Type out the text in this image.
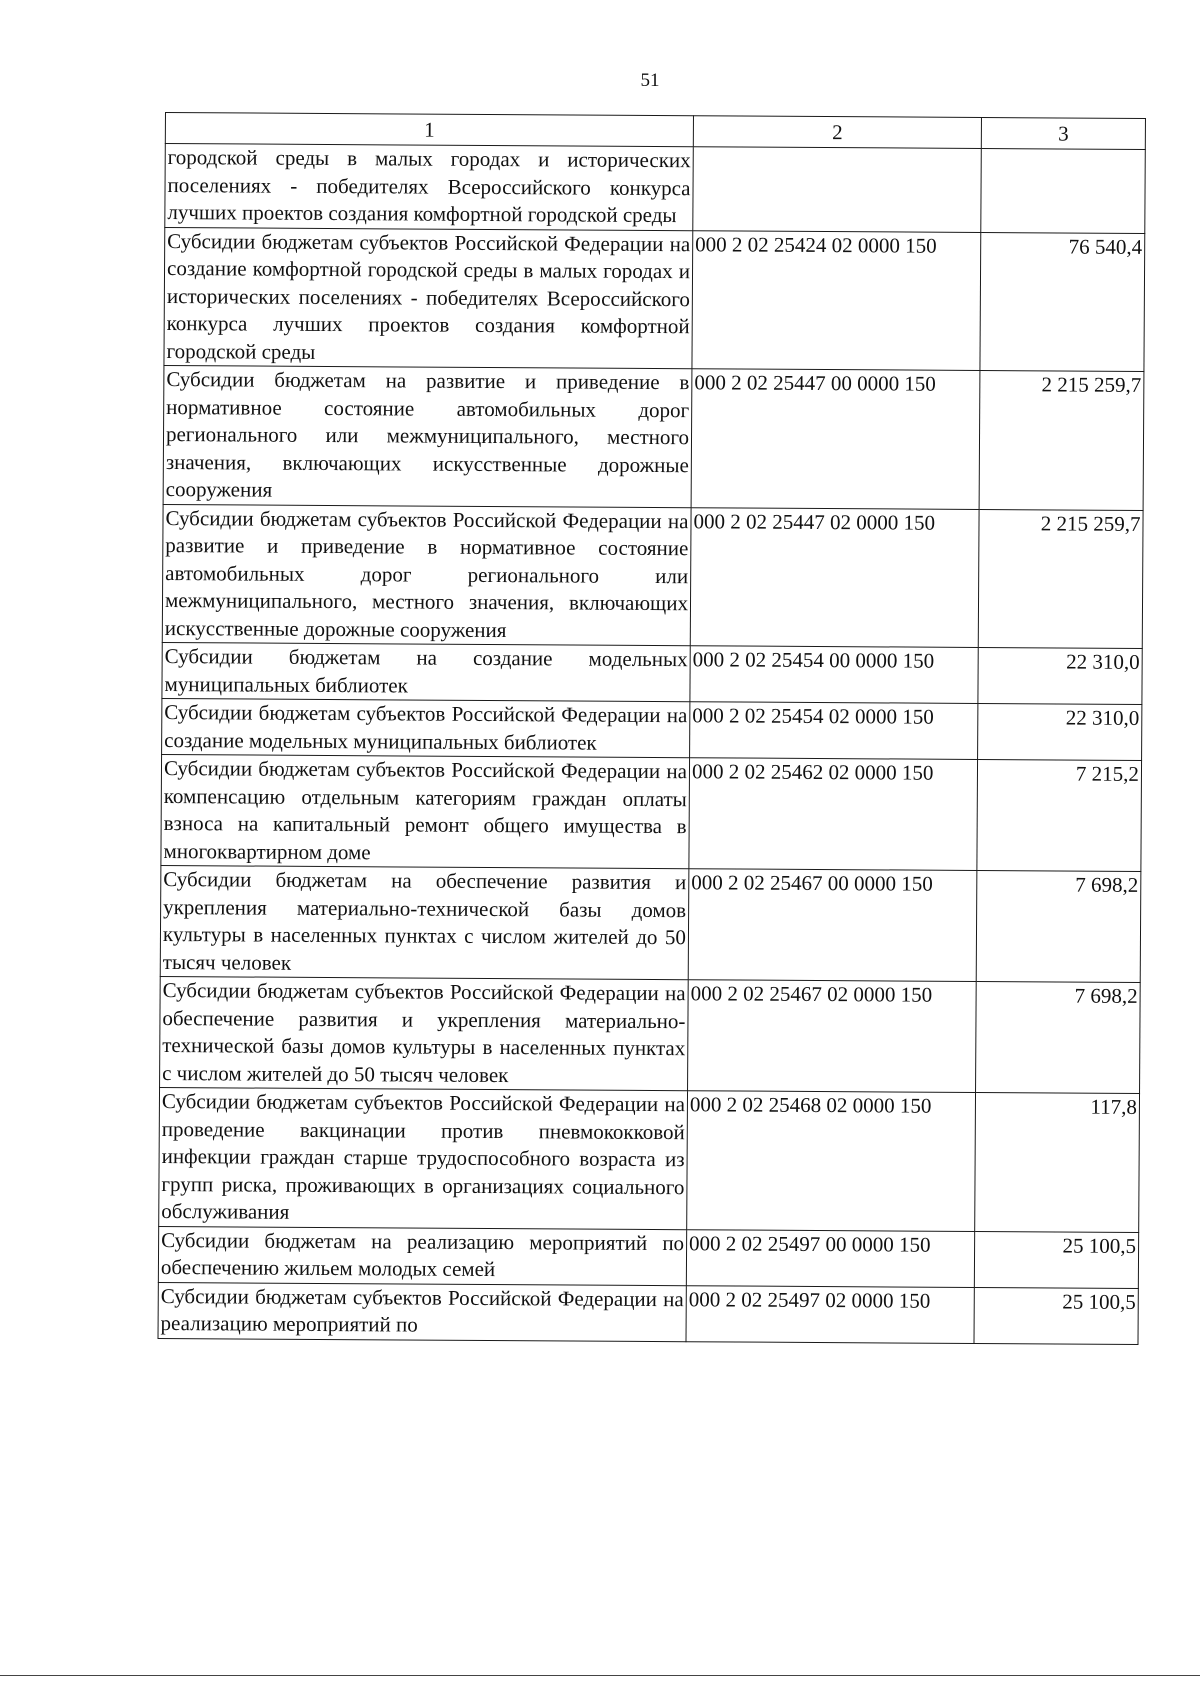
51
1	2	3
городской среды в малых городах и исторических поселениях - победителях Всероссийского конкурса лучших проектов создания комфортной городской среды		
Субсидии бюджетам субъектов Российской Федерации на создание комфортной городской среды в малых городах и исторических поселениях - победителях Всероссийского конкурса лучших проектов создания комфортной городской среды	000 2 02 25424 02 0000 150	76 540,4
Субсидии бюджетам на развитие и приведение в нормативное состояние автомобильных дорог регионального или межмуниципального, местного значения, включающих искусственные дорожные сооружения	000 2 02 25447 00 0000 150	2 215 259,7
Субсидии бюджетам субъектов Российской Федерации на развитие и приведение в нормативное состояние автомобильных дорог регионального или межмуниципального, местного значения, включающих искусственные дорожные сооружения	000 2 02 25447 02 0000 150	2 215 259,7
Субсидии бюджетам на создание модельных муниципальных библиотек	000 2 02 25454 00 0000 150	22 310,0
Субсидии бюджетам субъектов Российской Федерации на создание модельных муниципальных библиотек	000 2 02 25454 02 0000 150	22 310,0
Субсидии бюджетам субъектов Российской Федерации на компенсацию отдельным категориям граждан оплаты взноса на капитальный ремонт общего имущества в многоквартирном доме	000 2 02 25462 02 0000 150	7 215,2
Субсидии бюджетам на обеспечение развития и укрепления материально-технической базы домов культуры в населенных пунктах с числом жителей до 50 тысяч человек	000 2 02 25467 00 0000 150	7 698,2
Субсидии бюджетам субъектов Российской Федерации на обеспечение развития и укрепления материально-технической базы домов культуры в населенных пунктах с числом жителей до 50 тысяч человек	000 2 02 25467 02 0000 150	7 698,2
Субсидии бюджетам субъектов Российской Федерации на проведение вакцинации против пневмококковой инфекции граждан старше трудоспособного возраста из групп риска, проживающих в организациях социального обслуживания	000 2 02 25468 02 0000 150	117,8
Субсидии бюджетам на реализацию мероприятий по обеспечению жильем молодых семей	000 2 02 25497 00 0000 150	25 100,5
Субсидии бюджетам субъектов Российской Федерации на реализацию мероприятий по	000 2 02 25497 02 0000 150	25 100,5
